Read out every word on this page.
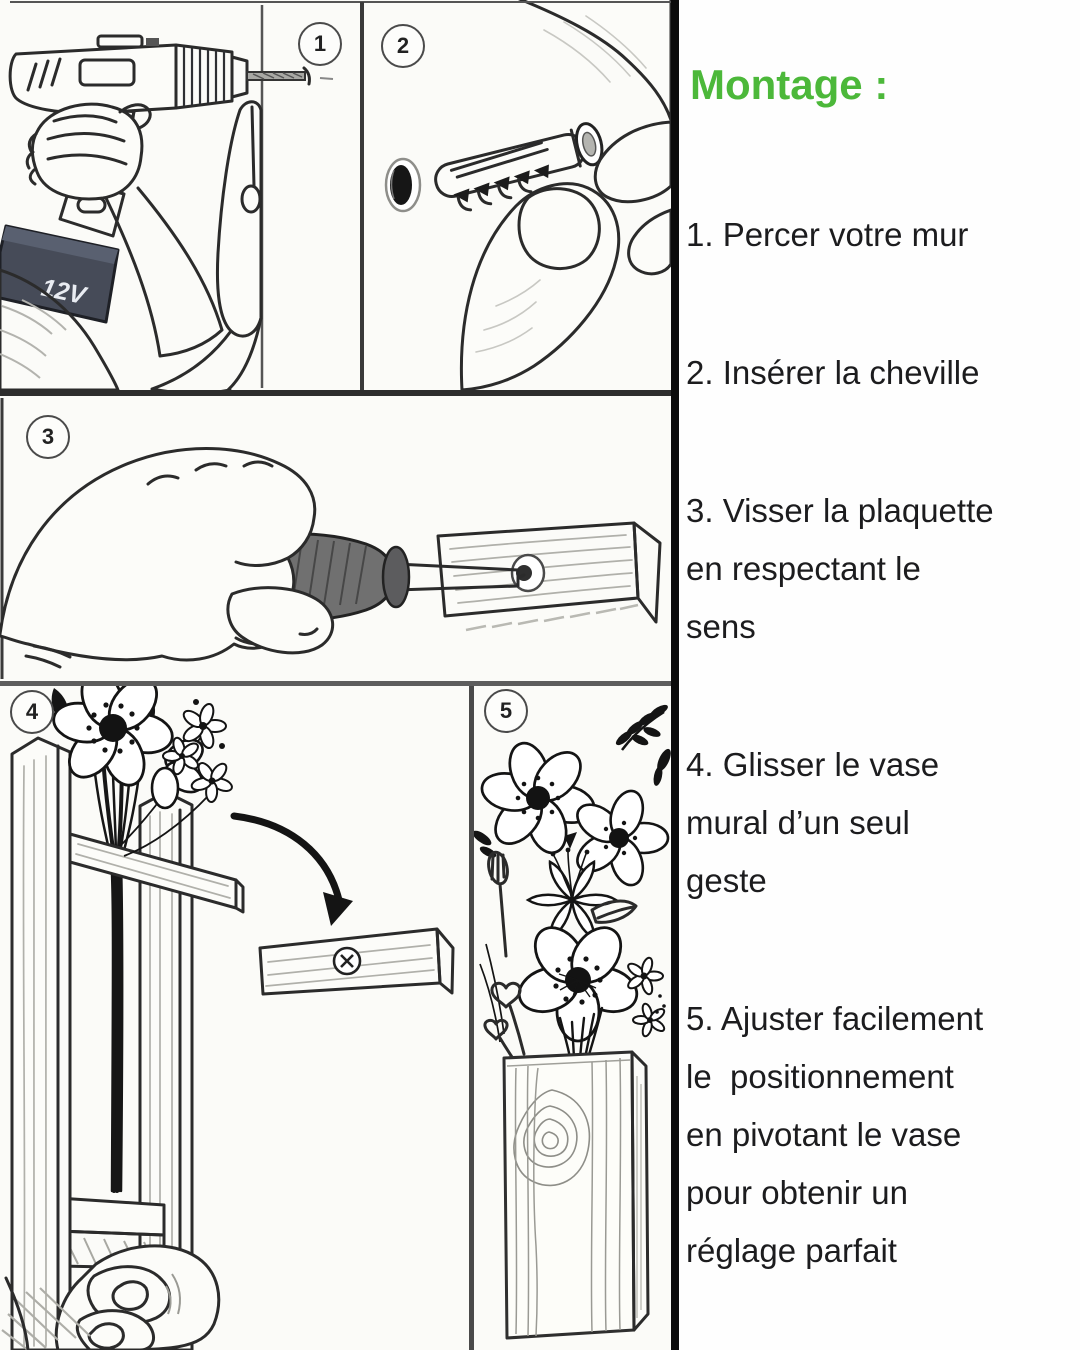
12V
1	2
3
4	5
Montage :
1. Percer votre mur
2. Insérer la cheville
3. Visser la plaquette
en respectant le
sens
4. Glisser le vase
mural d’un seul
geste
5. Ajuster facilement
le  positionnement
en pivotant le vase
pour obtenir un
réglage parfait
